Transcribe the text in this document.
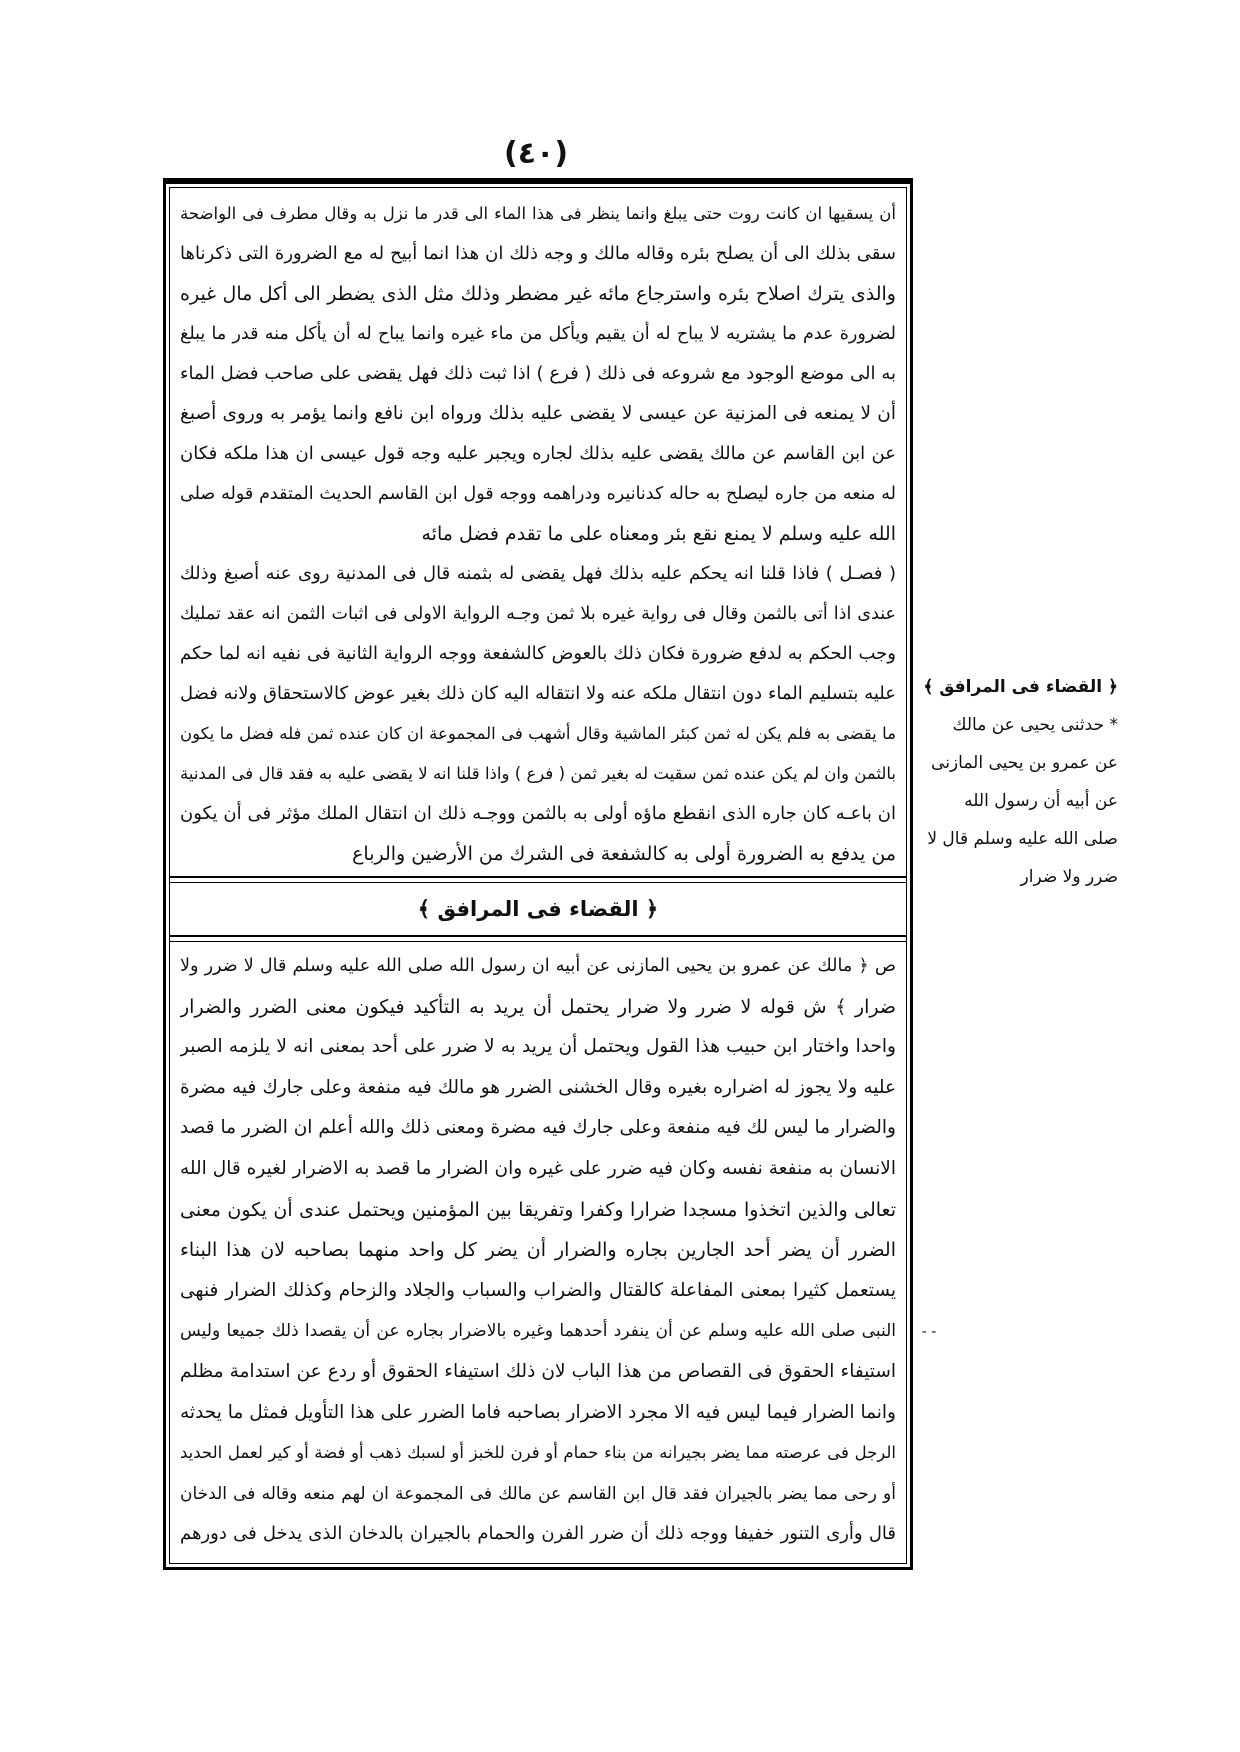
(٤٠)
أن يسقيها ان كانت روت حتى يبلغ وانما ينظر فى هذا الماء الى قدر ما نزل به وقال مطرف فى الواضحة
سقى بذلك الى أن يصلح بئره وقاله مالك و وجه ذلك ان هذا انما أبيح له مع الضرورة التى ذكرناها
والذى يترك اصلاح بئره واسترجاع مائه غير مضطر وذلك مثل الذى يضطر الى أكل مال غيره
لضرورة عدم ما يشتريه لا يباح له أن يقيم ويأكل من ماء غيره وانما يباح له أن يأكل منه قدر ما يبلغ
به الى موضع الوجود مع شروعه فى ذلك ( فرع ) اذا ثبت ذلك فهل يقضى على صاحب فضل الماء
أن لا يمنعه فى المزنية عن عيسى لا يقضى عليه بذلك ورواه ابن نافع وانما يؤمر به وروى أصبغ
عن ابن القاسم عن مالك يقضى عليه بذلك لجاره ويجبر عليه وجه قول عيسى ان هذا ملكه فكان
له منعه من جاره ليصلح به حاله كدنانيره ودراهمه ووجه قول ابن القاسم الحديث المتقدم قوله صلى
الله عليه وسلم لا يمنع نقع بئر ومعناه على ما تقدم فضل مائه
( فصـل ) فاذا قلنا انه يحكم عليه بذلك فهل يقضى له بثمنه قال فى المدنية روى عنه أصبغ وذلك
عندى اذا أتى بالثمن وقال فى رواية غيره بلا ثمن وجـه الرواية الاولى فى اثبات الثمن انه عقد تمليك
وجب الحكم به لدفع ضرورة فكان ذلك بالعوض كالشفعة ووجه الرواية الثانية فى نفيه انه لما حكم
عليه بتسليم الماء دون انتقال ملكه عنه ولا انتقاله اليه كان ذلك بغير عوض كالاستحقاق ولانه فضل
ما يقضى به فلم يكن له ثمن كبئر الماشية وقال أشهب فى المجموعة ان كان عنده ثمن فله فضل ما يكون
بالثمن وان لم يكن عنده ثمن سقيت له بغير ثمن ( فرع ) واذا قلنا انه لا يقضى عليه به فقد قال فى المدنية
ان باعـه كان جاره الذى انقطع ماؤه أولى به بالثمن ووجـه ذلك ان انتقال الملك مؤثر فى أن يكون
من يدفع به الضرورة أولى به كالشفعة فى الشرك من الأرضين والرباع
﴿ القضاء فى المرافق ﴾
ص ﴿ مالك عن عمرو بن يحيى المازنى عن أبيه ان رسول الله صلى الله عليه وسلم قال لا ضرر ولا
ضرار ﴾ ش قوله لا ضرر ولا ضرار يحتمل أن يريد به التأكيد فيكون معنى الضرر والضرار
واحدا واختار ابن حبيب هذا القول ويحتمل أن يريد به لا ضرر على أحد بمعنى انه لا يلزمه الصبر
عليه ولا يجوز له اضراره بغيره وقال الخشنى الضرر هو مالك فيه منفعة وعلى جارك فيه مضرة
والضرار ما ليس لك فيه منفعة وعلى جارك فيه مضرة ومعنى ذلك والله أعلم ان الضرر ما قصد
الانسان به منفعة نفسه وكان فيه ضرر على غيره وان الضرار ما قصد به الاضرار لغيره قال الله
تعالى والذين اتخذوا مسجدا ضرارا وكفرا وتفريقا بين المؤمنين ويحتمل عندى أن يكون معنى
الضرر أن يضر أحد الجارين بجاره والضرار أن يضر كل واحد منهما بصاحبه لان هذا البناء
يستعمل كثيرا بمعنى المفاعلة كالقتال والضراب والسباب والجلاد والزحام وكذلك الضرار فنهى
النبى صلى الله عليه وسلم عن أن ينفرد أحدهما وغيره بالاضرار بجاره عن أن يقصدا ذلك جميعا وليس
استيفاء الحقوق فى القصاص من هذا الباب لان ذلك استيفاء الحقوق أو ردع عن استدامة مظلم
وانما الضرار فيما ليس فيه الا مجرد الاضرار بصاحبه فاما الضرر على هذا التأويل فمثل ما يحدثه
الرجل فى عرصته مما يضر بجيرانه من بناء حمام أو فرن للخبز أو لسبك ذهب أو فضة أو كير لعمل الحديد
أو رحى مما يضر بالجيران فقد قال ابن القاسم عن مالك فى المجموعة ان لهم منعه وقاله فى الدخان
قال وأرى التنور خفيفا ووجه ذلك أن ضرر الفرن والحمام بالجيران بالدخان الذى يدخل فى دورهم
﴿ القضاء فى المرافق ﴾
* حدثنى يحيى عن مالك
عن عمرو بن يحيى المازنى
عن أبيه أن رسول الله
صلى الله عليه وسلم قال لا
ضرر ولا ضرار
- -
